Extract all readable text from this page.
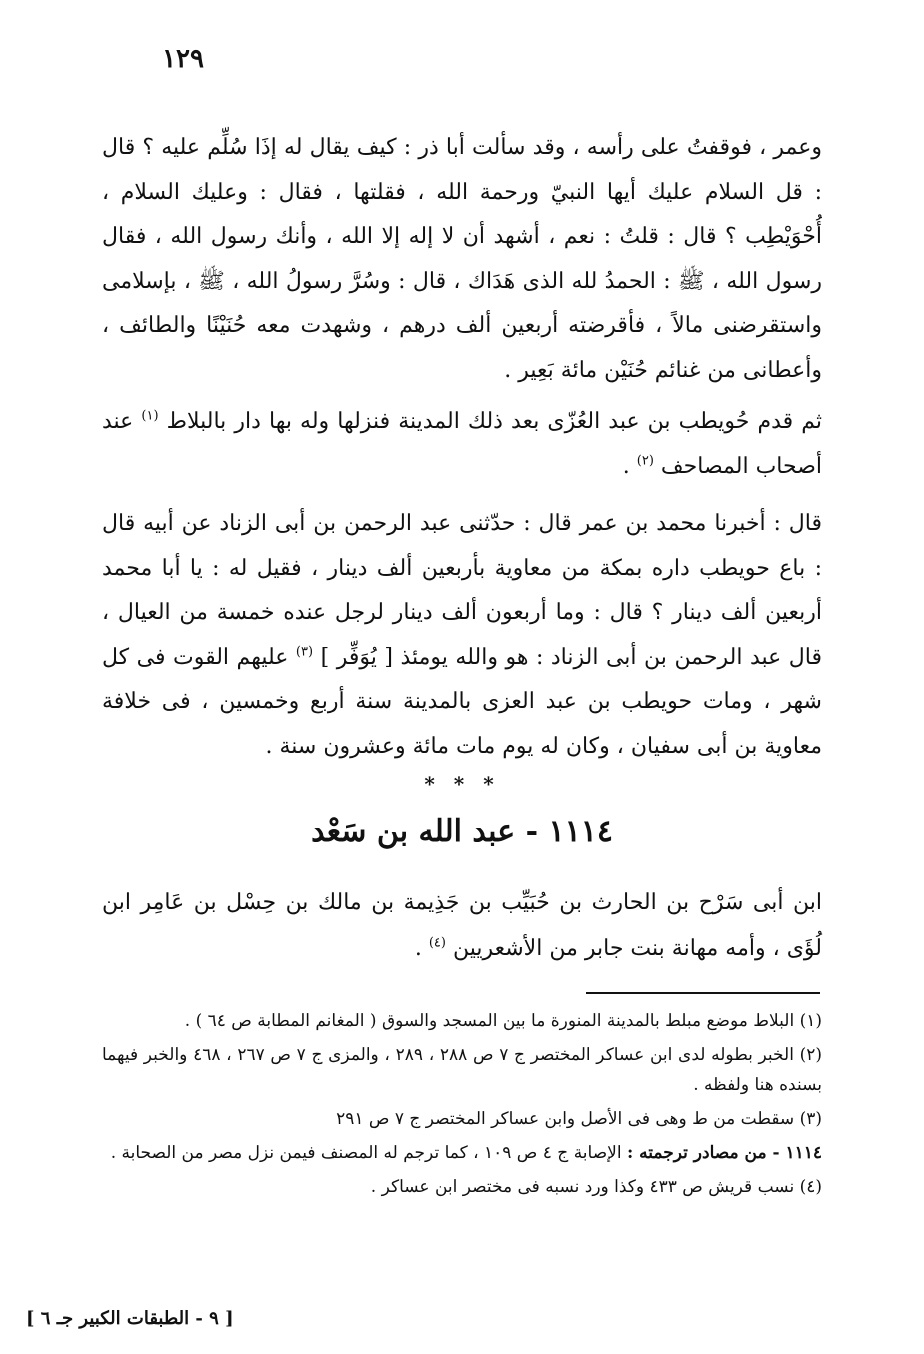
١٢٩

وعمر ، فوقفتُ على رأسه ، وقد سألت أبا ذر : كيف يقال له إذَا سُلِّم عليه ؟ قال : قل السلام عليك أيها النبيّ ورحمة الله ، فقلتها ، فقال : وعليك السلام ، أُحْوَيْطِب ؟ قال : قلتُ : نعم ، أشهد أن لا إله إلا الله ، وأنك رسول الله ، فقال رسول الله ، ﷺ : الحمدُ لله الذى هَدَاك ، قال : وسُرَّ رسولُ الله ، ﷺ ، بإسلامى واستقرضنى مالاً ، فأقرضته أربعين ألف درهم ، وشهدت معه حُنَيْنًا والطائف ، وأعطانى من غنائم حُنَيْن مائة بَعِير .

ثم قدم حُويطب بن عبد العُزّى بعد ذلك المدينة فنزلها وله بها دار بالبلاط $^{(١)}$ عند أصحاب المصاحف $^{(٢)}$ .

قال : أخبرنا محمد بن عمر قال : حدّثنى عبد الرحمن بن أبى الزناد عن أبيه قال : باع حويطب داره بمكة من معاوية بأربعين ألف دينار ، فقيل له : يا أبا محمد أربعين ألف دينار ؟ قال : وما أربعون ألف دينار لرجل عنده خمسة من العيال ، قال عبد الرحمن بن أبى الزناد : هو والله يومئذ [ يُوَفِّر ] $^{(٣)}$ عليهم القوت فى كل شهر ، ومات حويطب بن عبد العزى بالمدينة سنة أربع وخمسين ، فى خلافة معاوية بن أبى سفيان ، وكان له يوم مات مائة وعشرون سنة .

* * *
١١١٤ - عبد الله بن سَعْد

ابن أبى سَرْح بن الحارث بن حُبَيِّب بن جَذِيمة بن مالك بن حِسْل بن عَامِر ابن لُؤَى ، وأمه مهانة بنت جابر من الأشعريين $^{(٤)}$ .

(١) البلاط موضع مبلط بالمدينة المنورة ما بين المسجد والسوق ( المغانم المطابة ص ٦٤ ) .

(٢) الخبر بطوله لدى ابن عساكر المختصر ج ٧ ص ٢٨٨ ، ٢٨٩ ، والمزى ج ٧ ص ٢٦٧ ، ٤٦٨ والخبر فيهما بسنده هنا ولفظه .

(٣) سقطت من ط وهى فى الأصل وابن عساكر المختصر ج ٧ ص ٢٩١

١١١٤ - من مصادر ترجمته : الإصابة ج ٤ ص ١٠٩ ، كما ترجم له المصنف فيمن نزل مصر من الصحابة .

(٤) نسب قريش ص ٤٣٣ وكذا ورد نسبه فى مختصر ابن عساكر .

[ ٩ - الطبقات الكبير جـ ٦ ]
